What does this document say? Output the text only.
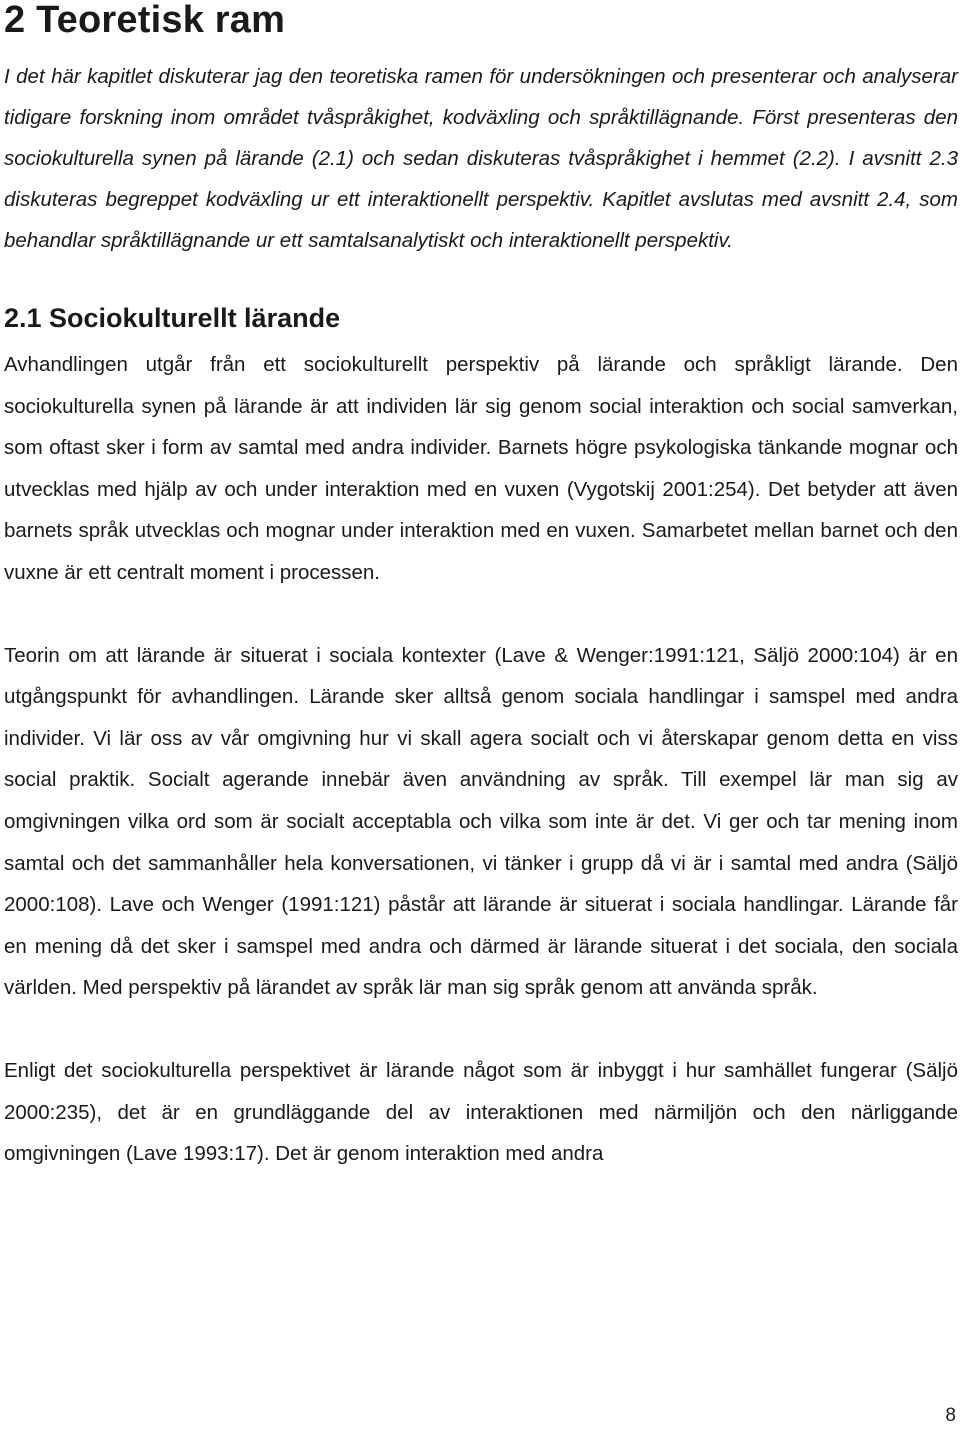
2 Teoretisk ram

I det här kapitlet diskuterar jag den teoretiska ramen för undersökningen och presenterar och analyserar tidigare forskning inom området tvåspråkighet, kodväxling och språktillägnande. Först presenteras den sociokulturella synen på lärande (2.1) och sedan diskuteras tvåspråkighet i hemmet (2.2). I avsnitt 2.3 diskuteras begreppet kodväxling ur ett interaktionellt perspektiv. Kapitlet avslutas med avsnitt 2.4, som behandlar språktillägnande ur ett samtalsanalytiskt och interaktionellt perspektiv.

2.1 Sociokulturellt lärande

Avhandlingen utgår från ett sociokulturellt perspektiv på lärande och språkligt lärande. Den sociokulturella synen på lärande är att individen lär sig genom social interaktion och social samverkan, som oftast sker i form av samtal med andra individer. Barnets högre psykologiska tänkande mognar och utvecklas med hjälp av och under interaktion med en vuxen (Vygotskij 2001:254). Det betyder att även barnets språk utvecklas och mognar under interaktion med en vuxen. Samarbetet mellan barnet och den vuxne är ett centralt moment i processen.

Teorin om att lärande är situerat i sociala kontexter (Lave & Wenger:1991:121, Säljö 2000:104) är en utgångspunkt för avhandlingen. Lärande sker alltså genom sociala handlingar i samspel med andra individer. Vi lär oss av vår omgivning hur vi skall agera socialt och vi återskapar genom detta en viss social praktik. Socialt agerande innebär även användning av språk. Till exempel lär man sig av omgivningen vilka ord som är socialt acceptabla och vilka som inte är det. Vi ger och tar mening inom samtal och det sammanhåller hela konversationen, vi tänker i grupp då vi är i samtal med andra (Säljö 2000:108). Lave och Wenger (1991:121) påstår att lärande är situerat i sociala handlingar. Lärande får en mening då det sker i samspel med andra och därmed är lärande situerat i det sociala, den sociala världen. Med perspektiv på lärandet av språk lär man sig språk genom att använda språk.

Enligt det sociokulturella perspektivet är lärande något som är inbyggt i hur samhället fungerar (Säljö 2000:235), det är en grundläggande del av interaktionen med närmiljön och den närliggande omgivningen (Lave 1993:17). Det är genom interaktion med andra

8
